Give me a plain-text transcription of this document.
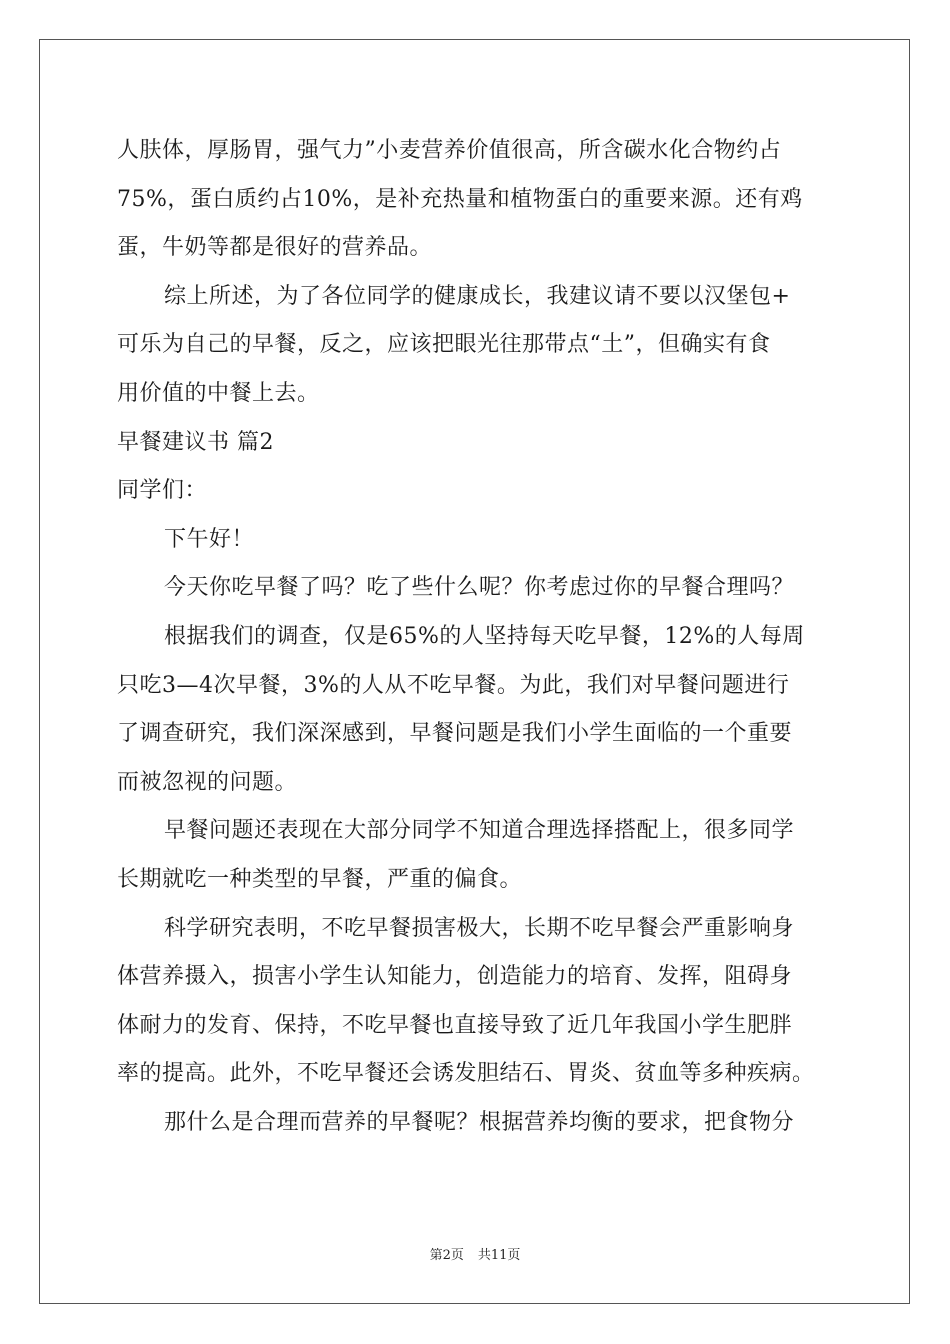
人肤体，厚肠胃，强气力”小麦营养价值很高，所含碳水化合物约占
75%，蛋白质约占10%，是补充热量和植物蛋白的重要来源。还有鸡
蛋，牛奶等都是很好的营养品。
综上所述，为了各位同学的健康成长，我建议请不要以汉堡包+
可乐为自己的早餐，反之，应该把眼光往那带点“土”，但确实有食
用价值的中餐上去。
早餐建议书 篇2
同学们：
下午好！
今天你吃早餐了吗？吃了些什么呢？你考虑过你的早餐合理吗？
根据我们的调查，仅是65%的人坚持每天吃早餐，12%的人每周
只吃3—4次早餐，3%的人从不吃早餐。为此，我们对早餐问题进行
了调查研究，我们深深感到，早餐问题是我们小学生面临的一个重要
而被忽视的问题。
早餐问题还表现在大部分同学不知道合理选择搭配上，很多同学
长期就吃一种类型的早餐，严重的偏食。
科学研究表明，不吃早餐损害极大，长期不吃早餐会严重影响身
体营养摄入，损害小学生认知能力，创造能力的培育、发挥，阻碍身
体耐力的发育、保持，不吃早餐也直接导致了近几年我国小学生肥胖
率的提高。此外，不吃早餐还会诱发胆结石、胃炎、贫血等多种疾病。
那什么是合理而营养的早餐呢？根据营养均衡的要求，把食物分
第2页 共11页
